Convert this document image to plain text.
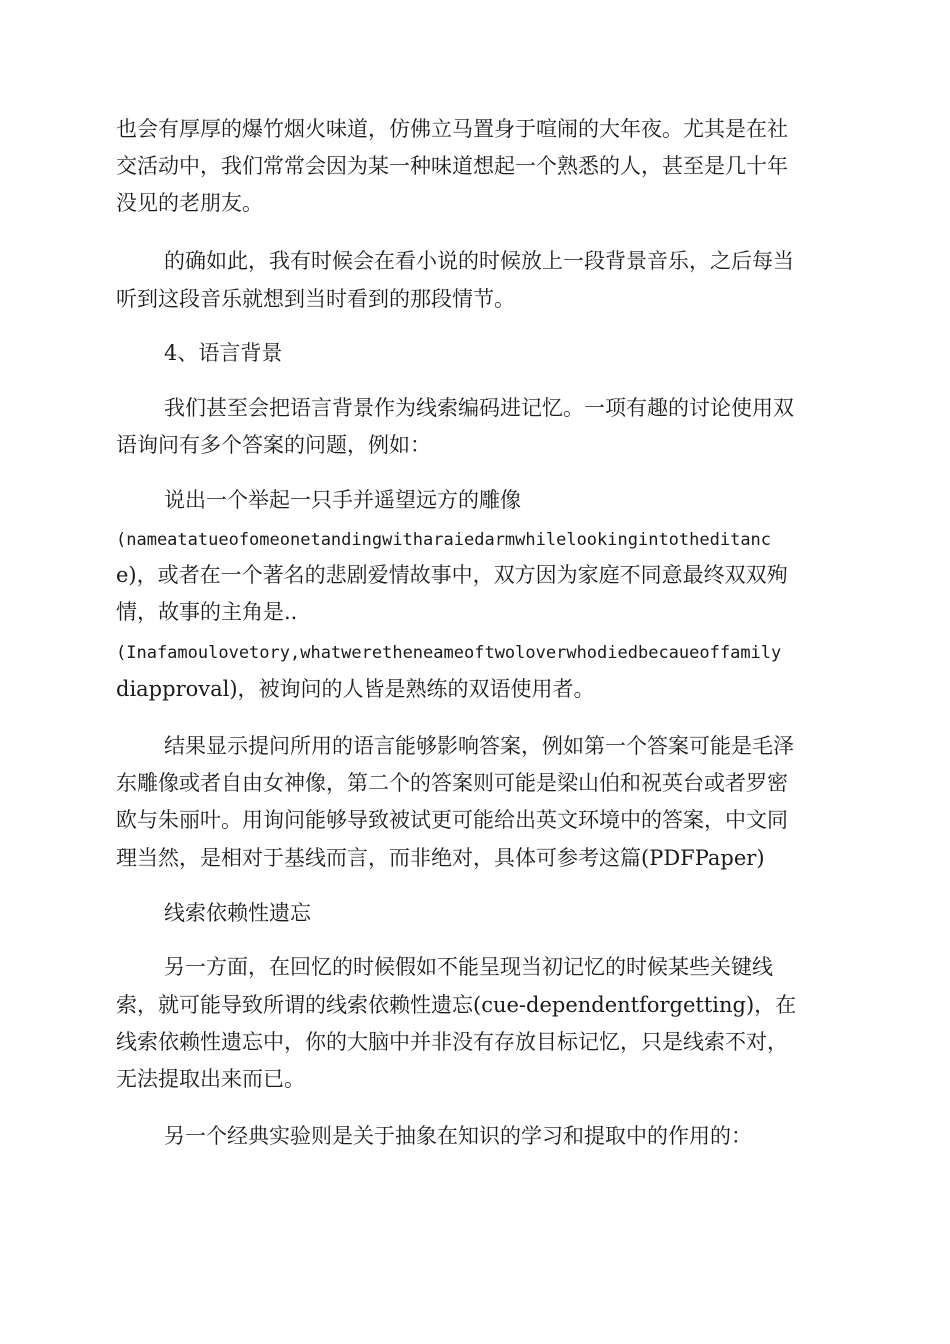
也会有厚厚的爆竹烟火味道，仿佛立马置身于喧闹的大年夜。尤其是在社
交活动中，我们常常会因为某一种味道想起一个熟悉的人，甚至是几十年
没见的老朋友。
的确如此，我有时候会在看小说的时候放上一段背景音乐，之后每当
听到这段音乐就想到当时看到的那段情节。
4、语言背景
我们甚至会把语言背景作为线索编码进记忆。一项有趣的讨论使用双
语询问有多个答案的问题，例如：
说出一个举起一只手并遥望远方的雕像
(nameatatueofomeonetandingwitharaiedarmwhilelookingintotheditanc
e)，或者在一个著名的悲剧爱情故事中，双方因为家庭不同意最终双双殉
情，故事的主角是..
(Inafamoulovetory,whatweretheneameoftwoloverwhodiedbecaueoffamily
diapproval)，被询问的人皆是熟练的双语使用者。
结果显示提问所用的语言能够影响答案，例如第一个答案可能是毛泽
东雕像或者自由女神像，第二个的答案则可能是梁山伯和祝英台或者罗密
欧与朱丽叶。用询问能够导致被试更可能给出英文环境中的答案，中文同
理当然，是相对于基线而言，而非绝对，具体可参考这篇(PDFPaper)
线索依赖性遗忘
另一方面，在回忆的时候假如不能呈现当初记忆的时候某些关键线
索，就可能导致所谓的线索依赖性遗忘(cue-dependentforgetting)，在
线索依赖性遗忘中，你的大脑中并非没有存放目标记忆，只是线索不对，
无法提取出来而已。
另一个经典实验则是关于抽象在知识的学习和提取中的作用的：
